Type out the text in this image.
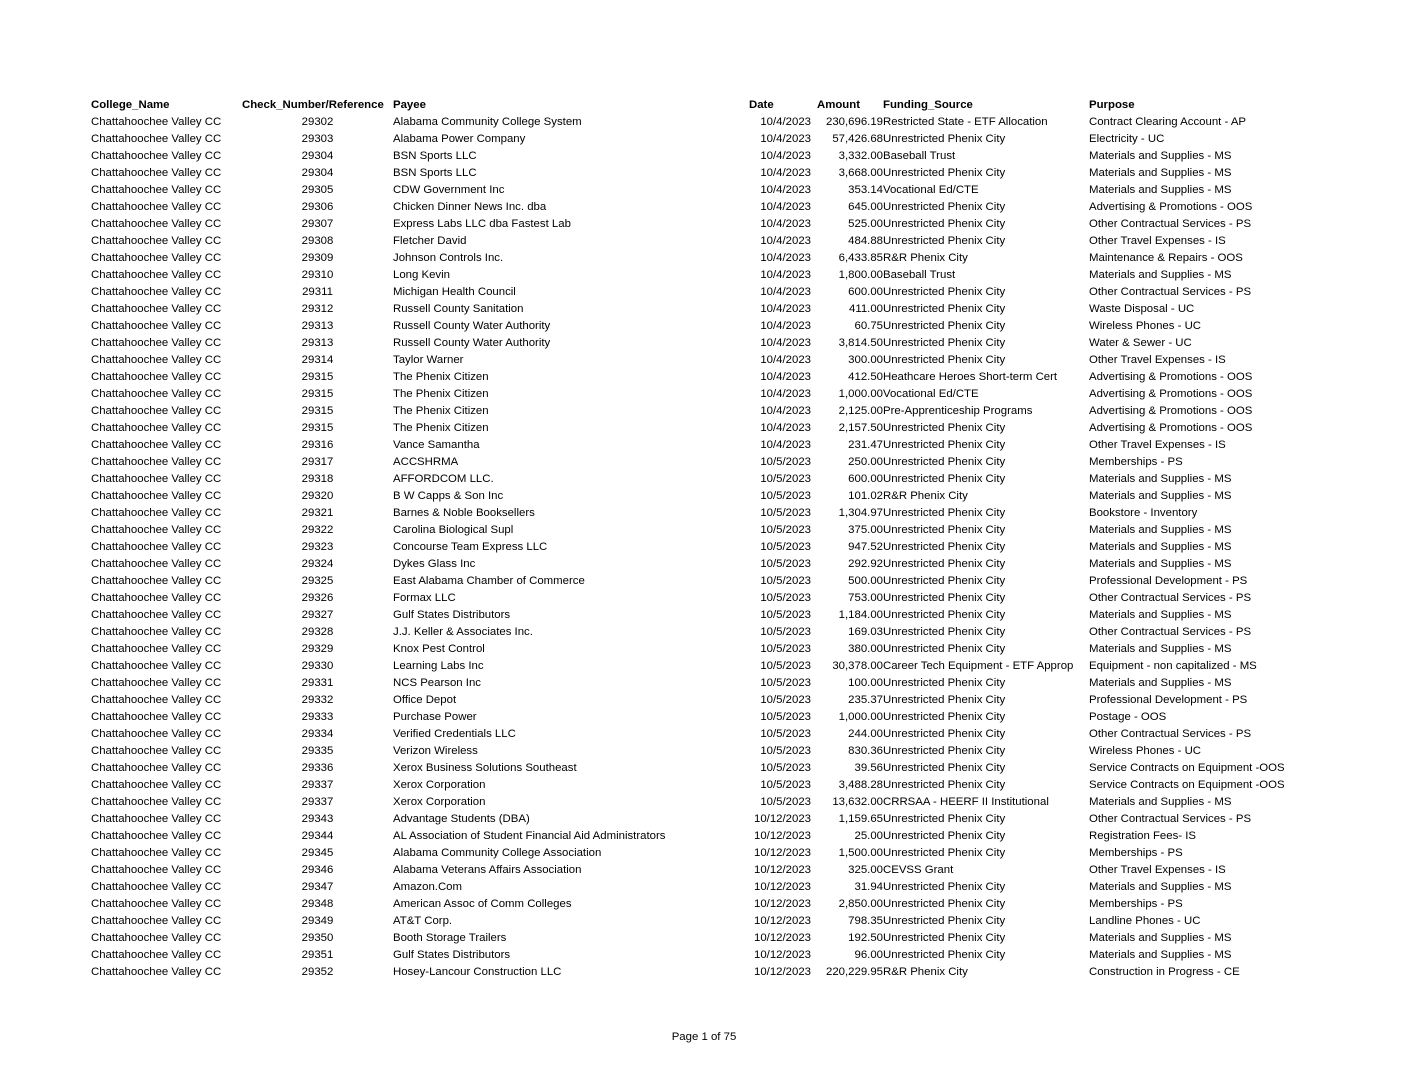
College_Name	Check_Number/Reference	Payee	Date	Amount	Funding_Source	Purpose
Chattahoochee Valley CC	29302	Alabama Community College System	10/4/2023	230,696.19	Restricted State - ETF Allocation	Contract Clearing Account - AP
Chattahoochee Valley CC	29303	Alabama Power Company	10/4/2023	57,426.68	Unrestricted Phenix City	Electricity - UC
Chattahoochee Valley CC	29304	BSN Sports LLC	10/4/2023	3,332.00	Baseball Trust	Materials and Supplies - MS
Chattahoochee Valley CC	29304	BSN Sports LLC	10/4/2023	3,668.00	Unrestricted Phenix City	Materials and Supplies - MS
Chattahoochee Valley CC	29305	CDW Government Inc	10/4/2023	353.14	Vocational Ed/CTE	Materials and Supplies - MS
Chattahoochee Valley CC	29306	Chicken Dinner News Inc. dba	10/4/2023	645.00	Unrestricted Phenix City	Advertising & Promotions - OOS
Chattahoochee Valley CC	29307	Express Labs LLC dba Fastest Lab	10/4/2023	525.00	Unrestricted Phenix City	Other Contractual Services - PS
Chattahoochee Valley CC	29308	Fletcher David	10/4/2023	484.88	Unrestricted Phenix City	Other Travel Expenses - IS
Chattahoochee Valley CC	29309	Johnson Controls Inc.	10/4/2023	6,433.85	R&R Phenix City	Maintenance & Repairs - OOS
Chattahoochee Valley CC	29310	Long Kevin	10/4/2023	1,800.00	Baseball Trust	Materials and Supplies - MS
Chattahoochee Valley CC	29311	Michigan Health Council	10/4/2023	600.00	Unrestricted Phenix City	Other Contractual Services - PS
Chattahoochee Valley CC	29312	Russell County Sanitation	10/4/2023	411.00	Unrestricted Phenix City	Waste Disposal - UC
Chattahoochee Valley CC	29313	Russell County Water Authority	10/4/2023	60.75	Unrestricted Phenix City	Wireless Phones - UC
Chattahoochee Valley CC	29313	Russell County Water Authority	10/4/2023	3,814.50	Unrestricted Phenix City	Water & Sewer - UC
Chattahoochee Valley CC	29314	Taylor Warner	10/4/2023	300.00	Unrestricted Phenix City	Other Travel Expenses - IS
Chattahoochee Valley CC	29315	The Phenix Citizen	10/4/2023	412.50	Heathcare Heroes Short-term Cert	Advertising & Promotions - OOS
Chattahoochee Valley CC	29315	The Phenix Citizen	10/4/2023	1,000.00	Vocational Ed/CTE	Advertising & Promotions - OOS
Chattahoochee Valley CC	29315	The Phenix Citizen	10/4/2023	2,125.00	Pre-Apprenticeship Programs	Advertising & Promotions - OOS
Chattahoochee Valley CC	29315	The Phenix Citizen	10/4/2023	2,157.50	Unrestricted Phenix City	Advertising & Promotions - OOS
Chattahoochee Valley CC	29316	Vance Samantha	10/4/2023	231.47	Unrestricted Phenix City	Other Travel Expenses - IS
Chattahoochee Valley CC	29317	ACCSHRMA	10/5/2023	250.00	Unrestricted Phenix City	Memberships - PS
Chattahoochee Valley CC	29318	AFFORDCOM LLC.	10/5/2023	600.00	Unrestricted Phenix City	Materials and Supplies - MS
Chattahoochee Valley CC	29320	B W Capps & Son Inc	10/5/2023	101.02	R&R Phenix City	Materials and Supplies - MS
Chattahoochee Valley CC	29321	Barnes & Noble Booksellers	10/5/2023	1,304.97	Unrestricted Phenix City	Bookstore - Inventory
Chattahoochee Valley CC	29322	Carolina Biological Supl	10/5/2023	375.00	Unrestricted Phenix City	Materials and Supplies - MS
Chattahoochee Valley CC	29323	Concourse Team Express LLC	10/5/2023	947.52	Unrestricted Phenix City	Materials and Supplies - MS
Chattahoochee Valley CC	29324	Dykes Glass Inc	10/5/2023	292.92	Unrestricted Phenix City	Materials and Supplies - MS
Chattahoochee Valley CC	29325	East Alabama Chamber of Commerce	10/5/2023	500.00	Unrestricted Phenix City	Professional Development - PS
Chattahoochee Valley CC	29326	Formax LLC	10/5/2023	753.00	Unrestricted Phenix City	Other Contractual Services - PS
Chattahoochee Valley CC	29327	Gulf States Distributors	10/5/2023	1,184.00	Unrestricted Phenix City	Materials and Supplies - MS
Chattahoochee Valley CC	29328	J.J. Keller & Associates Inc.	10/5/2023	169.03	Unrestricted Phenix City	Other Contractual Services - PS
Chattahoochee Valley CC	29329	Knox Pest Control	10/5/2023	380.00	Unrestricted Phenix City	Materials and Supplies - MS
Chattahoochee Valley CC	29330	Learning Labs Inc	10/5/2023	30,378.00	Career Tech Equipment - ETF Approp	Equipment - non capitalized - MS
Chattahoochee Valley CC	29331	NCS Pearson Inc	10/5/2023	100.00	Unrestricted Phenix City	Materials and Supplies - MS
Chattahoochee Valley CC	29332	Office Depot	10/5/2023	235.37	Unrestricted Phenix City	Professional Development - PS
Chattahoochee Valley CC	29333	Purchase Power	10/5/2023	1,000.00	Unrestricted Phenix City	Postage - OOS
Chattahoochee Valley CC	29334	Verified Credentials LLC	10/5/2023	244.00	Unrestricted Phenix City	Other Contractual Services - PS
Chattahoochee Valley CC	29335	Verizon Wireless	10/5/2023	830.36	Unrestricted Phenix City	Wireless Phones - UC
Chattahoochee Valley CC	29336	Xerox Business Solutions Southeast	10/5/2023	39.56	Unrestricted Phenix City	Service Contracts on Equipment -OOS
Chattahoochee Valley CC	29337	Xerox Corporation	10/5/2023	3,488.28	Unrestricted Phenix City	Service Contracts on Equipment -OOS
Chattahoochee Valley CC	29337	Xerox Corporation	10/5/2023	13,632.00	CRRSAA - HEERF II Institutional	Materials and Supplies - MS
Chattahoochee Valley CC	29343	Advantage Students (DBA)	10/12/2023	1,159.65	Unrestricted Phenix City	Other Contractual Services - PS
Chattahoochee Valley CC	29344	AL Association of Student Financial Aid Administrators	10/12/2023	25.00	Unrestricted Phenix City	Registration Fees- IS
Chattahoochee Valley CC	29345	Alabama Community College Association	10/12/2023	1,500.00	Unrestricted Phenix City	Memberships - PS
Chattahoochee Valley CC	29346	Alabama Veterans Affairs Association	10/12/2023	325.00	CEVSS Grant	Other Travel Expenses - IS
Chattahoochee Valley CC	29347	Amazon.Com	10/12/2023	31.94	Unrestricted Phenix City	Materials and Supplies - MS
Chattahoochee Valley CC	29348	American Assoc of Comm Colleges	10/12/2023	2,850.00	Unrestricted Phenix City	Memberships - PS
Chattahoochee Valley CC	29349	AT&T Corp.	10/12/2023	798.35	Unrestricted Phenix City	Landline Phones - UC
Chattahoochee Valley CC	29350	Booth Storage Trailers	10/12/2023	192.50	Unrestricted Phenix City	Materials and Supplies - MS
Chattahoochee Valley CC	29351	Gulf States Distributors	10/12/2023	96.00	Unrestricted Phenix City	Materials and Supplies - MS
Chattahoochee Valley CC	29352	Hosey-Lancour Construction LLC	10/12/2023	220,229.95	R&R Phenix City	Construction in Progress - CE
Page 1 of 75
